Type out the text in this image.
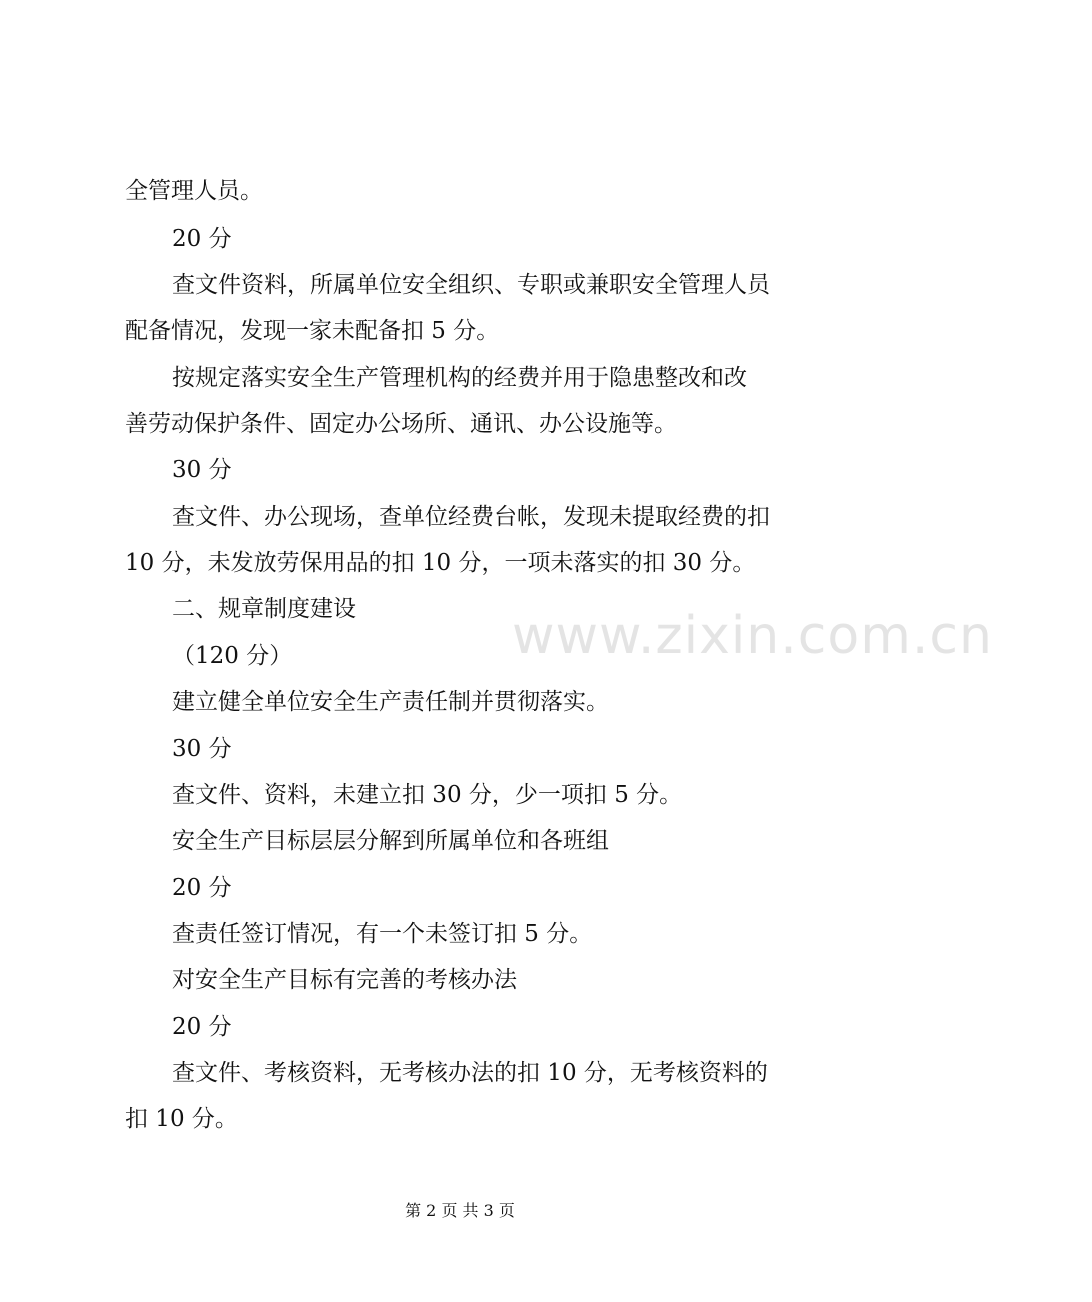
全管理人员。
20 分
查文件资料，所属单位安全组织、专职或兼职安全管理人员
配备情况，发现一家未配备扣 5 分。
按规定落实安全生产管理机构的经费并用于隐患整改和改
善劳动保护条件、固定办公场所、通讯、办公设施等。
30 分
查文件、办公现场，查单位经费台帐，发现未提取经费的扣
10 分，未发放劳保用品的扣 10 分，一项未落实的扣 30 分。
二、规章制度建设
（120 分）
建立健全单位安全生产责任制并贯彻落实。
30 分
查文件、资料，未建立扣 30 分，少一项扣 5 分。
安全生产目标层层分解到所属单位和各班组
20 分
查责任签订情况，有一个未签订扣 5 分。
对安全生产目标有完善的考核办法
20 分
查文件、考核资料，无考核办法的扣 10 分，无考核资料的
扣 10 分。
www.zixin.com.cn
第 2 页 共 3 页
